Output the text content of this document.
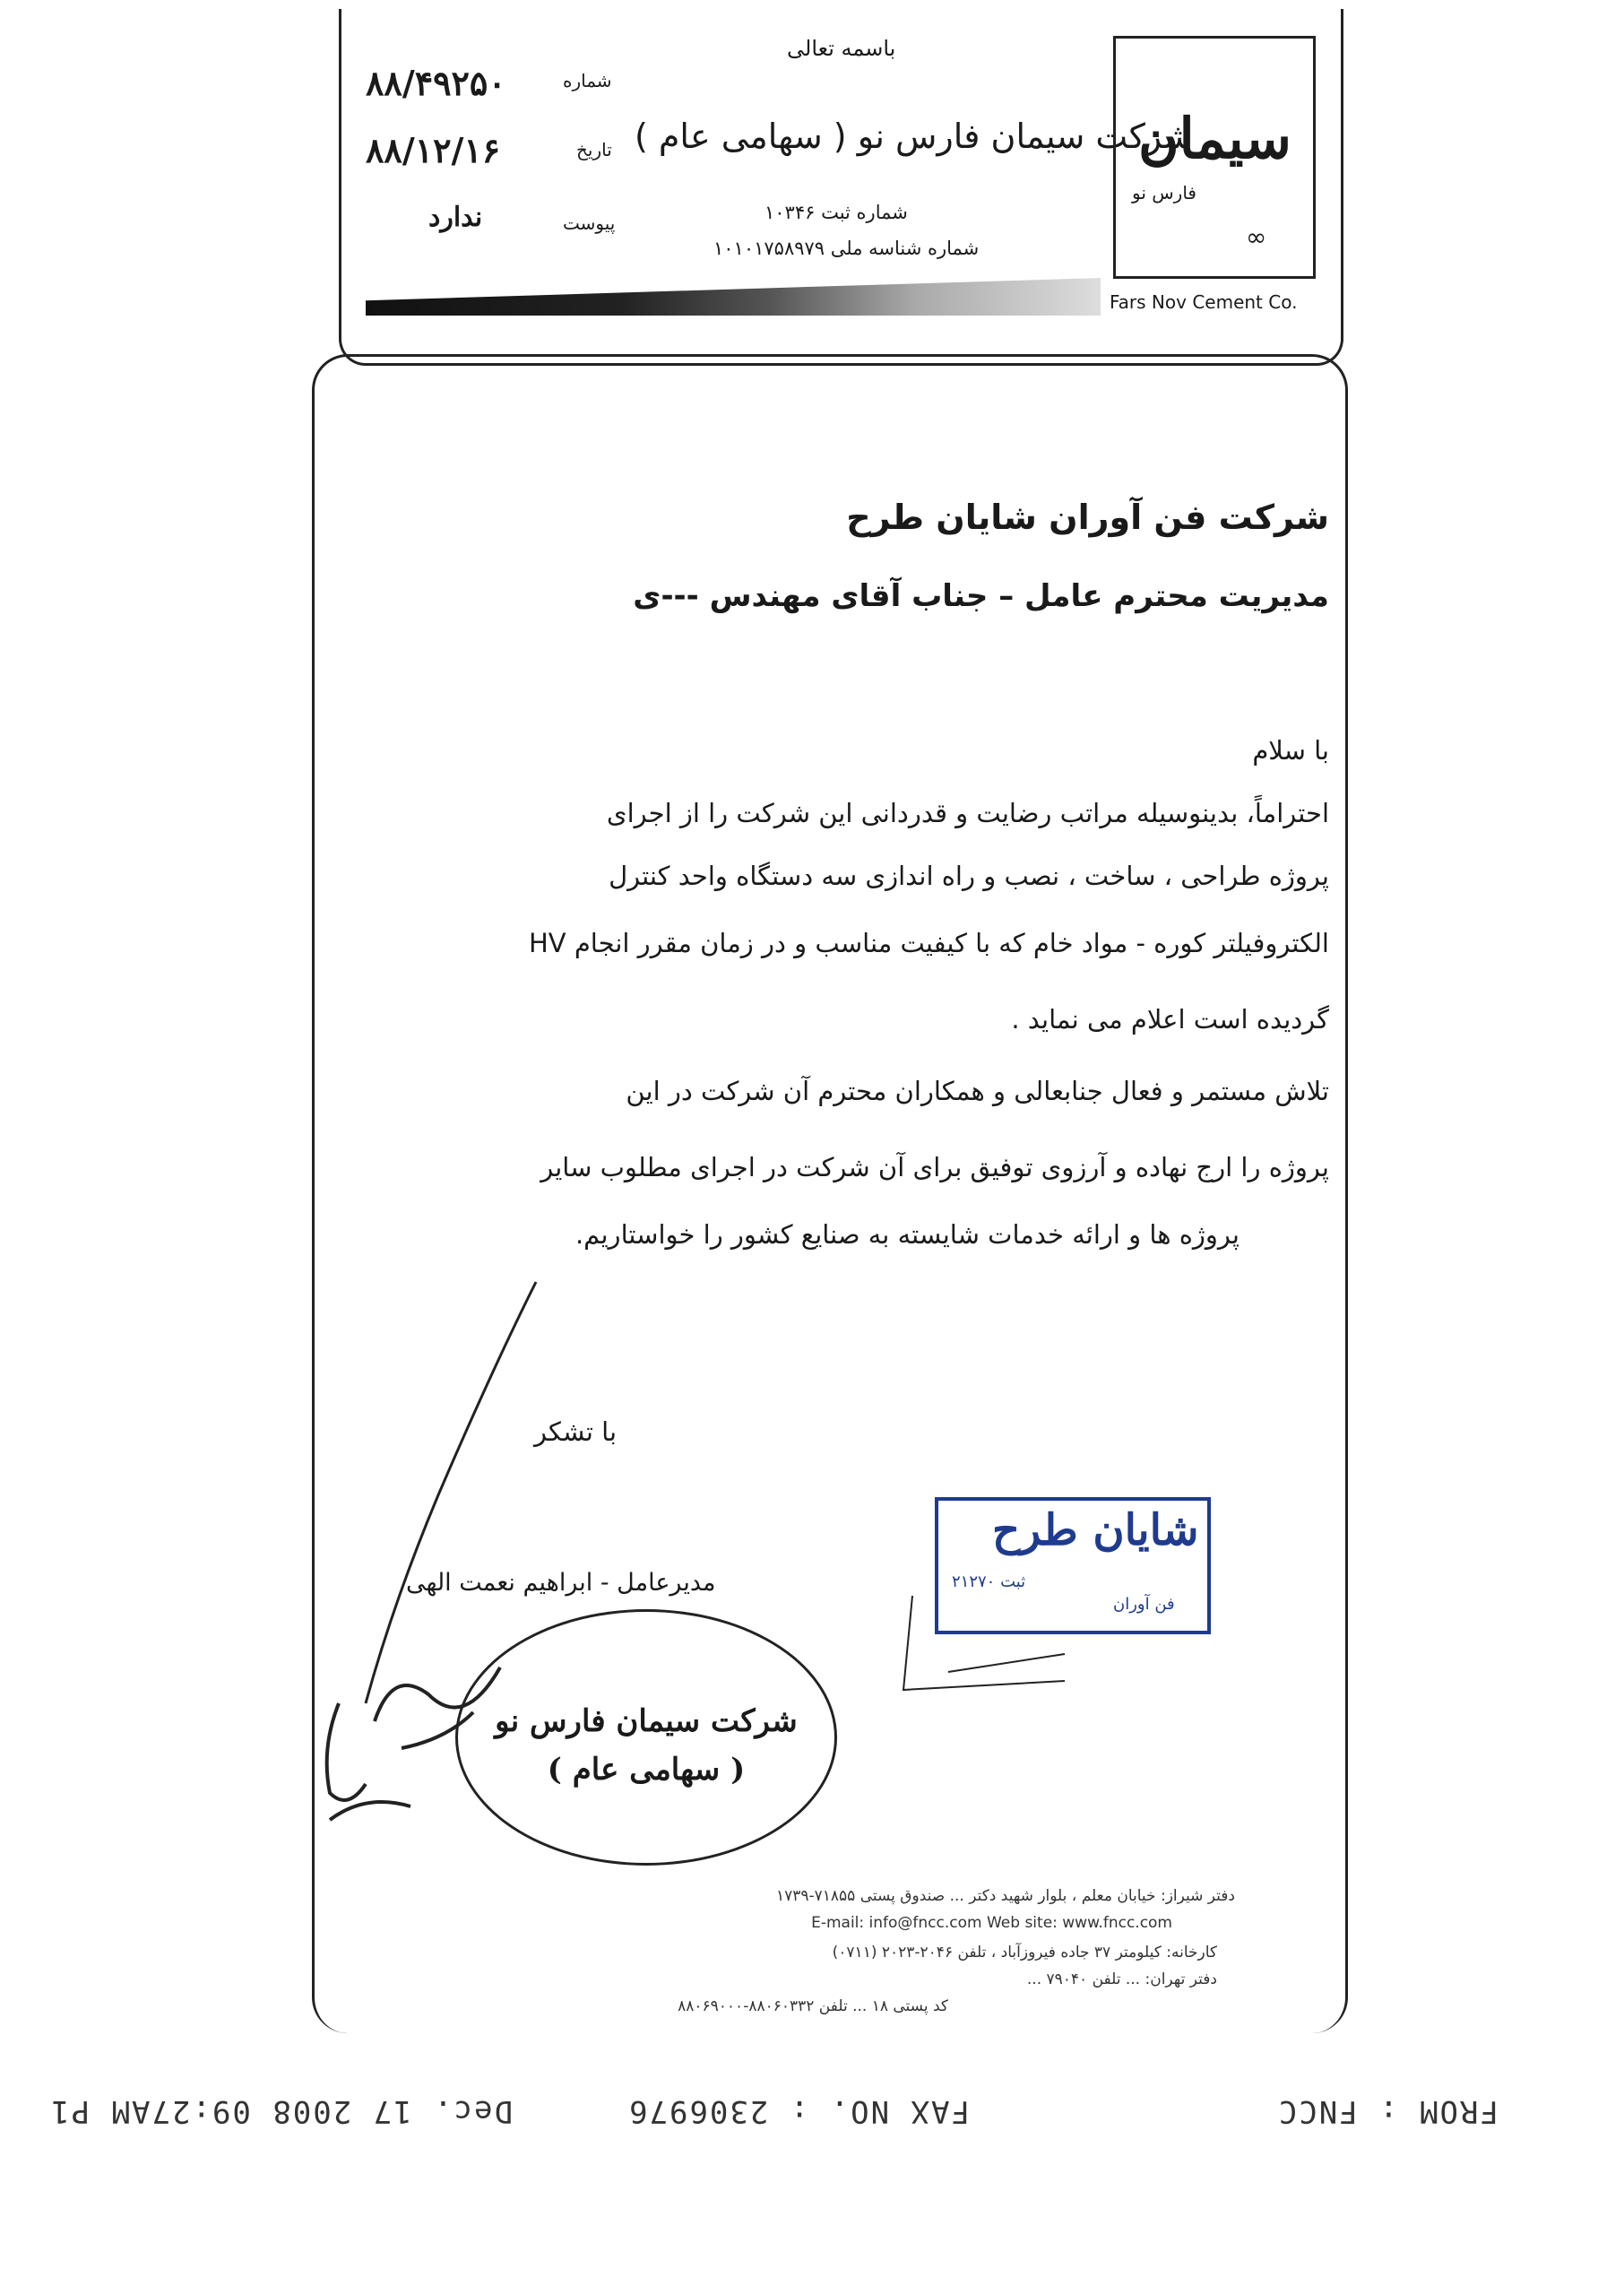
FROM : FNCC
FAX NO. : 2306976
Dec. 17 2008 09:27AM P1
باسمه تعالی
شرکت سیمان فارس نو ( سهامی عام )
شماره ثبت ۱۰۳۴۶
شماره شناسه ملی ۱۰۱۰۱۷۵۸۹۷۹
۸۸/۴۹۲۵۰	شماره
۸۸/۱۲/۱۶	تاریخ
ندارد	پیوست
سیمان
فارس نو
∞
Fars Nov Cement Co.
شرکت فن آوران شایان طرح
مدیریت محترم عامل – جناب آقای مهندس ---ی
با سلام
احتراماً، بدینوسیله مراتب رضایت و قدردانی این شرکت را از اجرای
پروژه طراحی ، ساخت ، نصب و راه اندازی سه دستگاه واحد کنترل
HV الکتروفیلتر کوره - مواد خام که با کیفیت مناسب و در زمان مقرر انجام
گردیده است اعلام می نماید .
تلاش مستمر و فعال جنابعالی و همکاران محترم آن شرکت در این
پروژه را ارج نهاده و آرزوی توفیق برای آن شرکت در اجرای مطلوب سایر
پروژه ها و ارائه خدمات شایسته به صنایع کشور را خواستاریم.
با تشکر
مدیرعامل - ابراهیم نعمت الهی
شایان طرح
ثبت ۲۱۲۷۰
فن آوران
شرکت سیمان فارس نو ( سهامی عام )
دفتر شیراز: خیابان معلم ، بلوار شهید دکتر ... صندوق پستی ۷۱۸۵۵-۱۷۳۹
E-mail: info@fncc.com Web site: www.fncc.com
کارخانه: کیلومتر ۳۷ جاده فیروزآباد ، تلفن ۲۰۴۶-۲۰۲۳ (۰۷۱۱)
دفتر تهران: ... تلفن ۷۹۰۴۰ ...
کد پستی ۱۸ ... تلفن ۸۸۰۶۰۳۳۲-۸۸۰۶۹۰۰۰
